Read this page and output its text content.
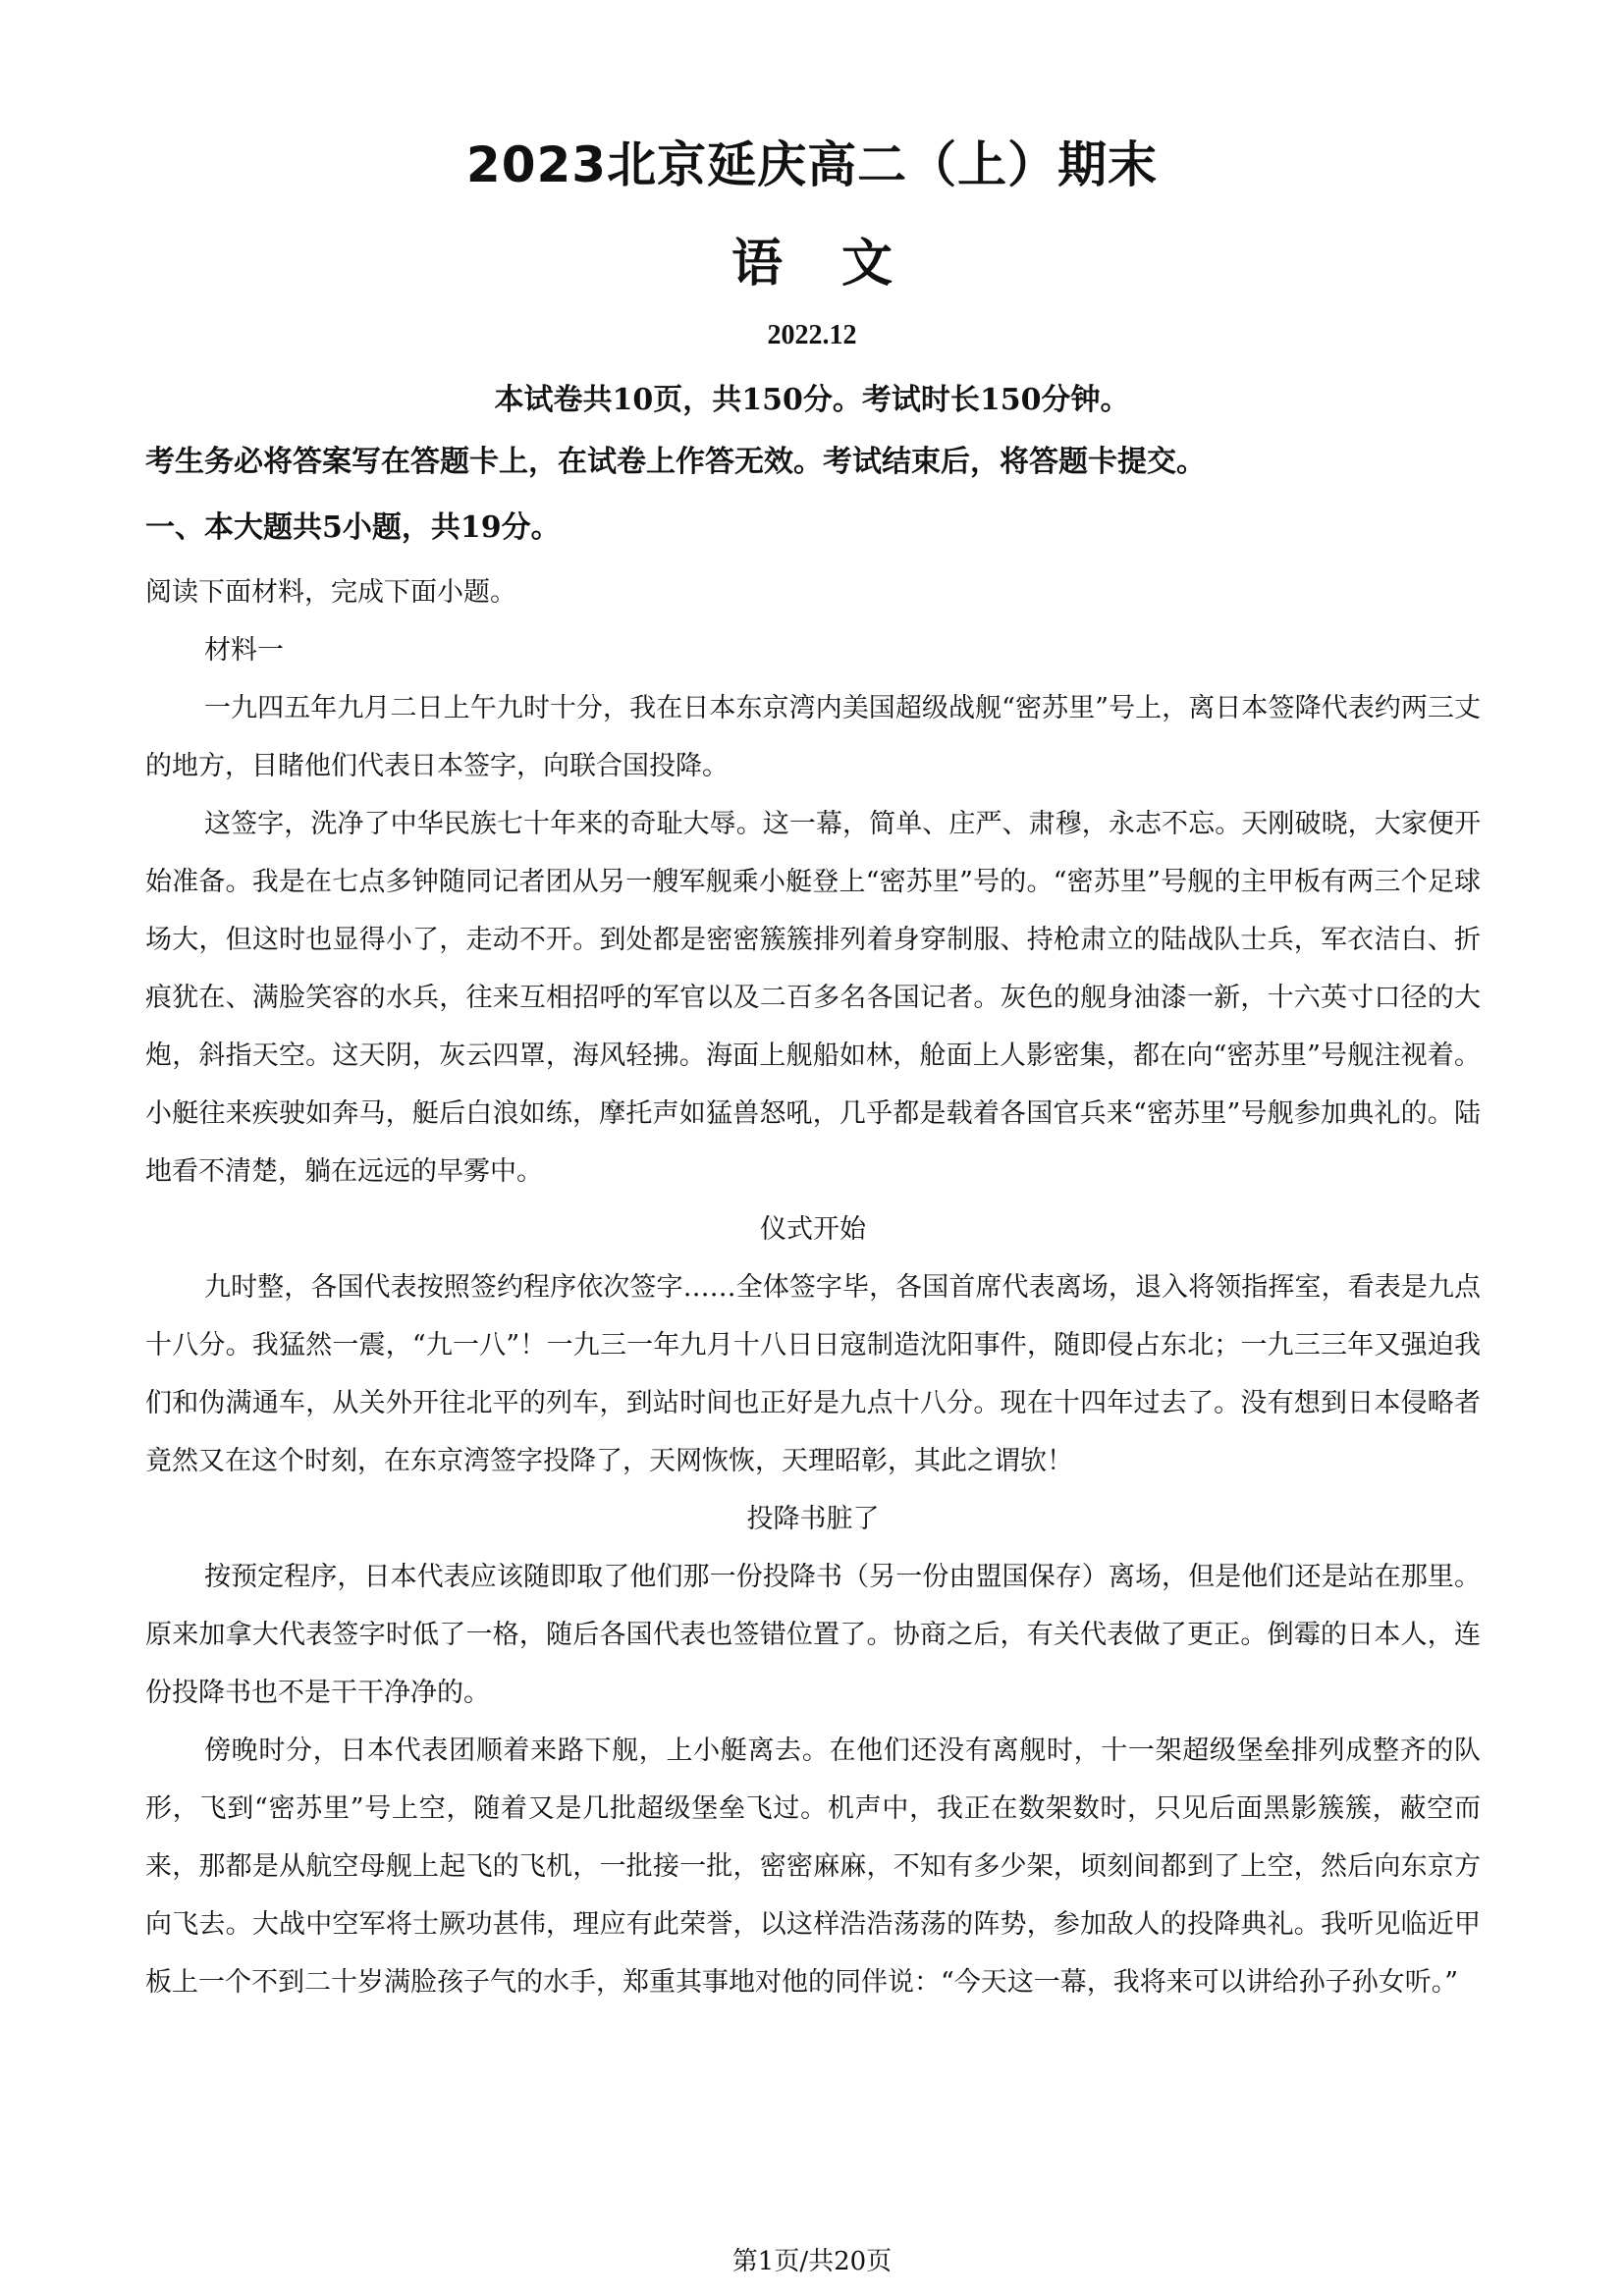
2023北京延庆高二（上）期末
语文
2022.12
本试卷共10页，共150分。考试时长150分钟。
考生务必将答案写在答题卡上，在试卷上作答无效。考试结束后，将答题卡提交。
一、本大题共5小题，共19分。

阅读下面材料，完成下面小题。

材料一

一九四五年九月二日上午九时十分，我在日本东京湾内美国超级战舰“密苏里”号上，离日本签降代表约两三丈的地方，目睹他们代表日本签字，向联合国投降。

这签字，洗净了中华民族七十年来的奇耻大辱。这一幕，简单、庄严、肃穆，永志不忘。天刚破晓，大家便开始准备。我是在七点多钟随同记者团从另一艘军舰乘小艇登上“密苏里”号的。“密苏里”号舰的主甲板有两三个足球场大，但这时也显得小了，走动不开。到处都是密密簇簇排列着身穿制服、持枪肃立的陆战队士兵，军衣洁白、折痕犹在、满脸笑容的水兵，往来互相招呼的军官以及二百多名各国记者。灰色的舰身油漆一新，十六英寸口径的大炮，斜指天空。这天阴，灰云四罩，海风轻拂。海面上舰船如林，舱面上人影密集，都在向“密苏里”号舰注视着。小艇往来疾驶如奔马，艇后白浪如练，摩托声如猛兽怒吼，几乎都是载着各国官兵来“密苏里”号舰参加典礼的。陆地看不清楚，躺在远远的早雾中。

仪式开始

九时整，各国代表按照签约程序依次签字……全体签字毕，各国首席代表离场，退入将领指挥室，看表是九点十八分。我猛然一震，“九一八”！一九三一年九月十八日日寇制造沈阳事件，随即侵占东北；一九三三年又强迫我们和伪满通车，从关外开往北平的列车，到站时间也正好是九点十八分。现在十四年过去了。没有想到日本侵略者竟然又在这个时刻，在东京湾签字投降了，天网恢恢，天理昭彰，其此之谓欤！

投降书脏了

按预定程序，日本代表应该随即取了他们那一份投降书（另一份由盟国保存）离场，但是他们还是站在那里。原来加拿大代表签字时低了一格，随后各国代表也签错位置了。协商之后，有关代表做了更正。倒霉的日本人，连份投降书也不是干干净净的。

傍晚时分，日本代表团顺着来路下舰，上小艇离去。在他们还没有离舰时，十一架超级堡垒排列成整齐的队形，飞到“密苏里”号上空，随着又是几批超级堡垒飞过。机声中，我正在数架数时，只见后面黑影簇簇，蔽空而来，那都是从航空母舰上起飞的飞机，一批接一批，密密麻麻，不知有多少架，顷刻间都到了上空，然后向东京方向飞去。大战中空军将士厥功甚伟，理应有此荣誉，以这样浩浩荡荡的阵势，参加敌人的投降典礼。我听见临近甲板上一个不到二十岁满脸孩子气的水手，郑重其事地对他的同伴说：“今天这一幕，我将来可以讲给孙子孙女听。”

第1页/共20页
